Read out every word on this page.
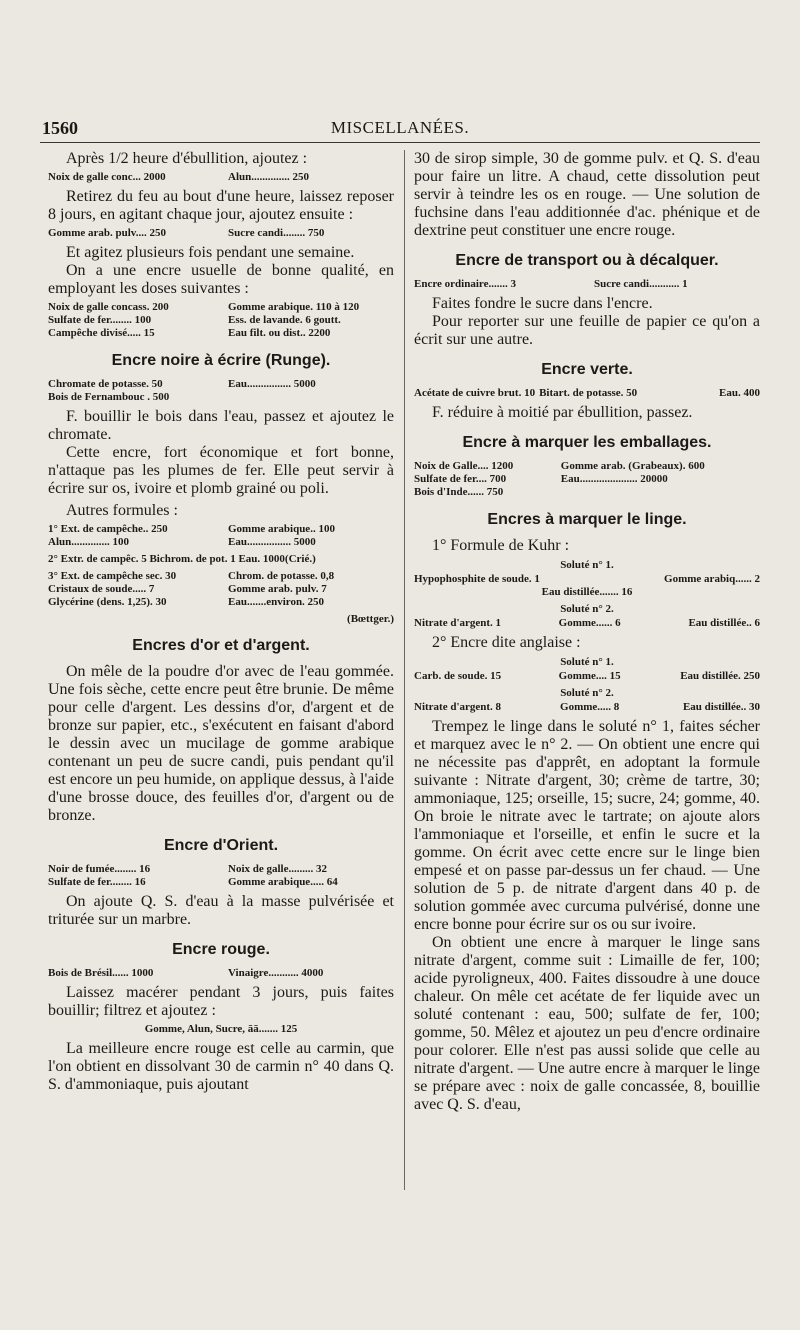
1560	MISCELLANÉES.

Après 1/2 heure d'ébullition, ajoutez :

Noix de galle conc... 2000	Alun.............. 250

Retirez du feu au bout d'une heure, laissez reposer 8 jours, en agitant chaque jour, ajoutez ensuite :

Gomme arab. pulv.... 250	Sucre candi........ 750

Et agitez plusieurs fois pendant une semaine.

On a une encre usuelle de bonne qualité, en employant les doses suivantes :

Noix de galle concass. 200	Gomme arabique. 110 à 120
Sulfate de fer........ 100	Ess. de lavande. 6 goutt.
Campêche divisé..... 15	Eau filt. ou dist.. 2200
Encre noire à écrire (Runge).
Chromate de potasse. 50	Eau................ 5000
Bois de Fernambouc . 500

F. bouillir le bois dans l'eau, passez et ajoutez le chromate.

Cette encre, fort économique et fort bonne, n'attaque pas les plumes de fer. Elle peut servir à écrire sur os, ivoire et plomb grainé ou poli.

Autres formules :
1° Ext. de campêche.. 250	Gomme arabique.. 100
Alun.............. 100	Eau................ 5000
2° Extr. de campêc. 5 Bichrom. de pot. 1 Eau. 1000(Crié.)
3° Ext. de campêche sec. 30	Chrom. de potasse. 0,8
Cristaux de soude..... 7	Gomme arab. pulv. 7
Glycérine (dens. 1,25). 30	Eau.......environ. 250
(Bœttger.)
Encres d'or et d'argent.

On mêle de la poudre d'or avec de l'eau gommée. Une fois sèche, cette encre peut être brunie. De même pour celle d'argent. Les dessins d'or, d'argent et de bronze sur papier, etc., s'exécutent en faisant d'abord le dessin avec un mucilage de gomme arabique contenant un peu de sucre candi, puis pendant qu'il est encore un peu humide, on applique dessus, à l'aide d'une brosse douce, des feuilles d'or, d'argent ou de bronze.

Encre d'Orient.
Noir de fumée........ 16	Noix de galle......... 32
Sulfate de fer........ 16	Gomme arabique..... 64

On ajoute Q. S. d'eau à la masse pulvérisée et triturée sur un marbre.

Encre rouge.
Bois de Brésil...... 1000	Vinaigre........... 4000

Laissez macérer pendant 3 jours, puis faites bouillir; filtrez et ajoutez :

Gomme, Alun, Sucre, āā....... 125

La meilleure encre rouge est celle au carmin, que l'on obtient en dissolvant 30 de carmin n° 40 dans Q. S. d'ammoniaque, puis ajoutant

30 de sirop simple, 30 de gomme pulv. et Q. S. d'eau pour faire un litre. A chaud, cette dissolution peut servir à teindre les os en rouge. — Une solution de fuchsine dans l'eau additionnée d'ac. phénique et de dextrine peut constituer une encre rouge.

Encre de transport ou à décalquer.
Encre ordinaire....... 3	Sucre candi........... 1

Faites fondre le sucre dans l'encre.

Pour reporter sur une feuille de papier ce qu'on a écrit sur une autre.

Encre verte.
Acétate de cuivre brut. 10 Bitart. de potasse. 50	Eau. 400

F. réduire à moitié par ébullition, passez.

Encre à marquer les emballages.
Noix de Galle.... 1200	Gomme arab. (Grabeaux). 600
Sulfate de fer.... 700	Eau..................... 20000
Bois d'Inde...... 750
Encres à marquer le linge.
1° Formule de Kuhr :
Soluté n° 1.
Hypophosphite de soude. 1	Gomme arabiq...... 2
Eau distillée....... 16
Soluté n° 2.
Nitrate d'argent. 1	Gomme...... 6	Eau distillée.. 6
2° Encre dite anglaise :
Soluté n° 1.
Carb. de soude. 15	Gomme.... 15	Eau distillée. 250
Soluté n° 2.
Nitrate d'argent. 8	Gomme..... 8	Eau distillée.. 30

Trempez le linge dans le soluté n° 1, faites sécher et marquez avec le n° 2. — On obtient une encre qui ne nécessite pas d'apprêt, en adoptant la formule suivante : Nitrate d'argent, 30; crème de tartre, 30; ammoniaque, 125; orseille, 15; sucre, 24; gomme, 40. On broie le nitrate avec le tartrate; on ajoute alors l'ammoniaque et l'orseille, et enfin le sucre et la gomme. On écrit avec cette encre sur le linge bien empesé et on passe par-dessus un fer chaud. — Une solution de 5 p. de nitrate d'argent dans 40 p. de solution gommée avec curcuma pulvérisé, donne une encre bonne pour écrire sur os ou sur ivoire.

On obtient une encre à marquer le linge sans nitrate d'argent, comme suit : Limaille de fer, 100; acide pyroligneux, 400. Faites dissoudre à une douce chaleur. On mêle cet acétate de fer liquide avec un soluté contenant : eau, 500; sulfate de fer, 100; gomme, 50. Mêlez et ajoutez un peu d'encre ordinaire pour colorer. Elle n'est pas aussi solide que celle au nitrate d'argent. — Une autre encre à marquer le linge se prépare avec : noix de galle concassée, 8, bouillie avec Q. S. d'eau,
